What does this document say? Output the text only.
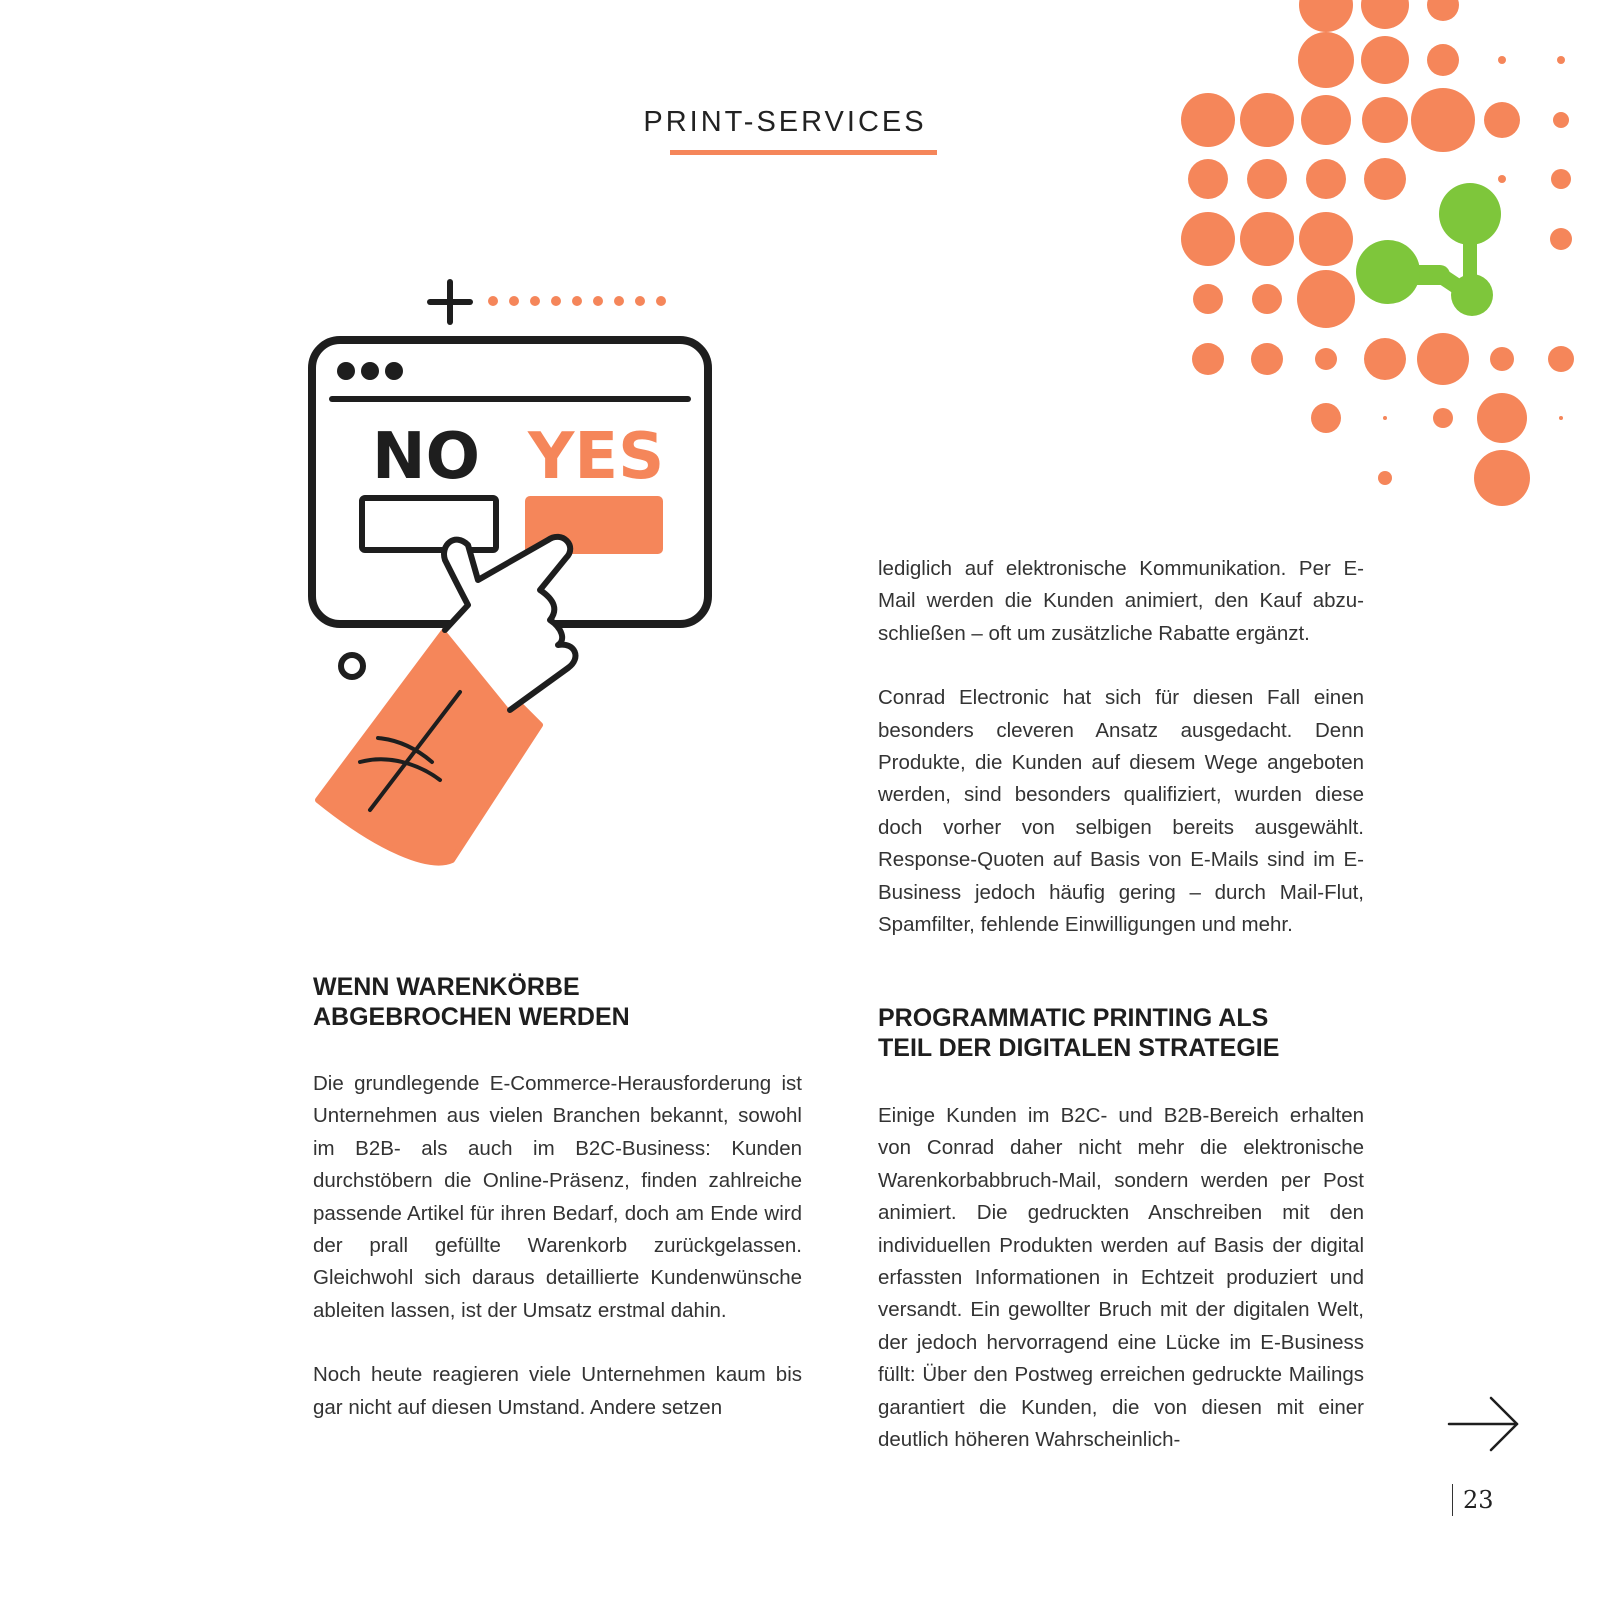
PRINT-SERVICES
NO YES
WENN WARENKÖRBE
ABGEBROCHEN WERDEN

Die grundlegende E-Commerce-Herausforderung ist Unternehmen aus vielen Branchen bekannt, sowohl im B2B- als auch im B2C-Business: Kunden durchstöbern die Online-Präsenz, finden zahlreiche passende Artikel für ihren Bedarf, doch am Ende wird der prall gefüllte Warenkorb zurückgelassen. Gleichwohl sich daraus detaillierte Kundenwünsche ableiten lassen, ist der Umsatz erstmal dahin.

Noch heute reagieren viele Unternehmen kaum bis gar nicht auf diesen Umstand. Andere setzen

lediglich auf elektronische Kommunikation. Per E-Mail werden die Kunden animiert, den Kauf abzuschließen – oft um zusätzliche Rabatte ergänzt.

Conrad Electronic hat sich für diesen Fall einen besonders cleveren Ansatz ausgedacht. Denn Produkte, die Kunden auf diesem Wege angeboten werden, sind besonders qualifiziert, wurden diese doch vorher von selbigen bereits ausgewählt. Response-Quoten auf Basis von E-Mails sind im E-Business jedoch häufig gering – durch Mail-Flut, Spamfilter, fehlende Einwilligungen und mehr.

PROGRAMMATIC PRINTING ALS
TEIL DER DIGITALEN STRATEGIE

Einige Kunden im B2C- und B2B-Bereich erhalten von Conrad daher nicht mehr die elektronische Warenkorbabbruch-Mail, sondern werden per Post animiert. Die gedruckten Anschreiben mit den individuellen Produkten werden auf Basis der digital erfassten Informationen in Echtzeit produziert und versandt. Ein gewollter Bruch mit der digitalen Welt, der jedoch hervorragend eine Lücke im E-Business füllt: Über den Postweg erreichen gedruckte Mailings garantiert die Kunden, die von diesen mit einer deutlich höheren Wahrscheinlich-

23
